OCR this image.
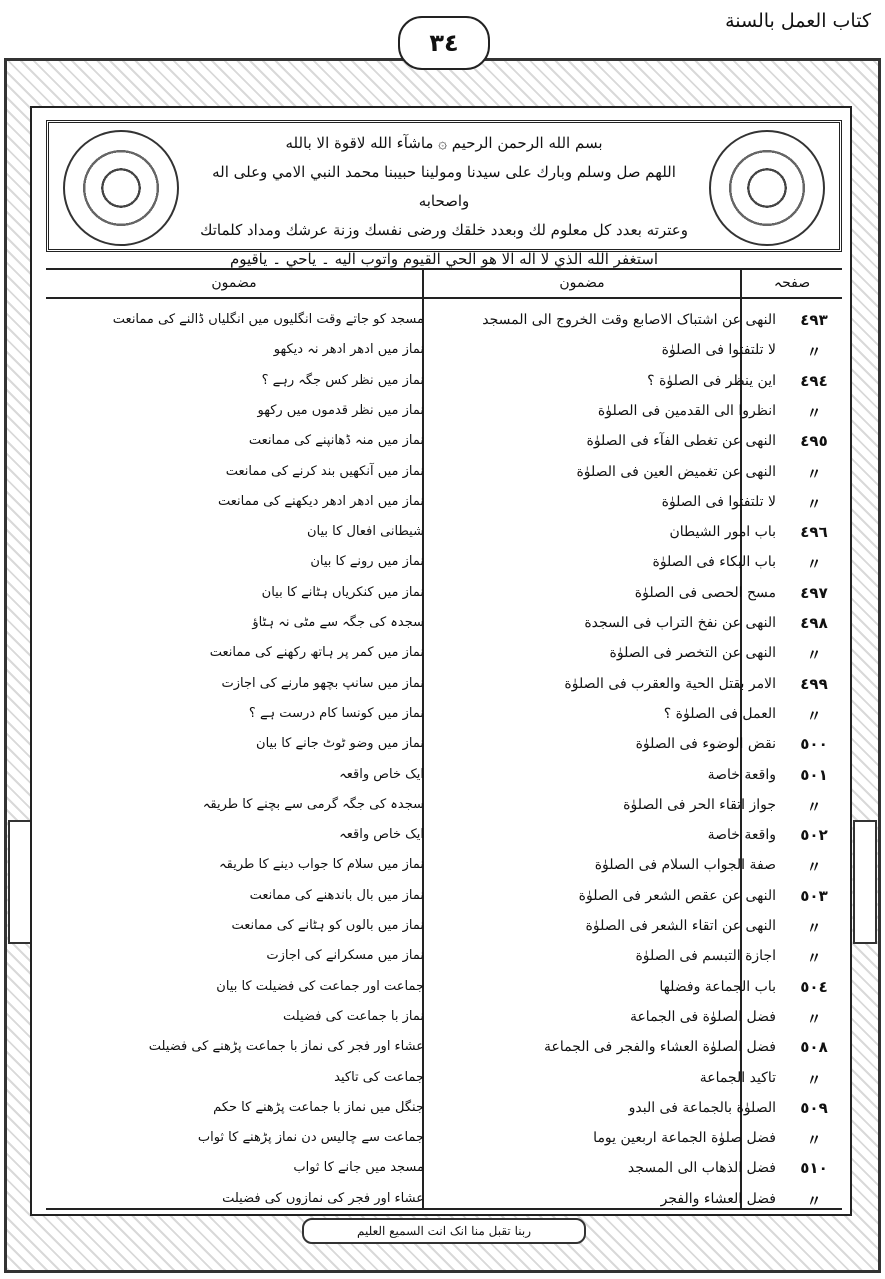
كتاب العمل بالسنة
٣٤
بسم الله الرحمن الرحيم ۞ ماشآء الله لاقوة الا بالله
اللهم صل وسلم وبارك على سيدنا ومولينا حبيبنا محمد النبي الامي وعلى اله واصحابه
وعترته بعدد كل معلوم لك وبعدد خلقك ورضى نفسك وزنة عرشك ومداد كلماتك
استغفر الله الذي لا اله الا هو الحي القيوم واتوب اليه ۔ ياحي ۔ ياقيوم
صفحہ
مضمون
مضمون
٤٩٣
النهی عن اشتباک الاصابع وقت الخروج الی المسجد
مسجد کو جاتے وقت انگلیوں میں انگلیاں ڈالنے کی ممانعت
〃
لا تلتفتوا فی الصلوٰة
نماز میں ادھر ادھر نہ دیکھو
٤٩٤
این ینظر فی الصلوٰة ؟
نماز میں نظر کس جگہ رہے ؟
〃
انظروا الی القدمین فی الصلوٰة
نماز میں نظر قدموں میں رکھو
٤٩٥
النهی عن تغطی الفآء فی الصلوٰة
نماز میں منہ ڈھانپنے کی ممانعت
〃
النهی عن تغمیض العین فی الصلوٰة
نماز میں آنکھیں بند کرنے کی ممانعت
〃
لا تلتفتوا فی الصلوٰة
نماز میں ادھر ادھر دیکھنے کی ممانعت
٤٩٦
باب امور الشیطان
شیطانی افعال کا بیان
〃
باب البکاء فی الصلوٰة
نماز میں رونے کا بیان
٤٩٧
مسح الحصی فی الصلوٰة
نماز میں کنکریاں ہٹانے کا بیان
٤٩٨
النهی عن نفخ التراب فی السجدة
سجدہ کی جگہ سے مٹی نہ ہٹاؤ
〃
النهی عن التخصر فی الصلوٰة
نماز میں کمر پر ہاتھ رکھنے کی ممانعت
٤٩٩
الامر بقتل الحیة والعقرب فی الصلوٰة
نماز میں سانپ بچھو مارنے کی اجازت
〃
العمل فی الصلوٰة ؟
نماز میں کونسا کام درست ہے ؟
٥٠٠
نقض الوضوء فی الصلوٰة
نماز میں وضو ٹوٹ جانے کا بیان
٥٠١
واقعة خاصة
ایک خاص واقعہ
〃
جواز اتقاء الحر فی الصلوٰة
سجدہ کی جگہ گرمی سے بچنے کا طریقہ
٥٠٢
واقعة خاصة
ایک خاص واقعہ
〃
صفة الجواب السلام فی الصلوٰة
نماز میں سلام کا جواب دینے کا طریقہ
٥٠٣
النهی عن عقص الشعر فی الصلوٰة
نماز میں بال باندھنے کی ممانعت
〃
النهی عن اتقاء الشعر فی الصلوٰة
نماز میں بالوں کو ہٹانے کی ممانعت
〃
اجازة التبسم فی الصلوٰة
نماز میں مسکرانے کی اجازت
٥٠٤
باب الجماعة وفضلها
جماعت اور جماعت کی فضیلت کا بیان
〃
فضل الصلوٰة فی الجماعة
نماز با جماعت کی فضیلت
٥٠٨
فضل الصلوٰة العشاء والفجر فی الجماعة
عشاء اور فجر کی نماز با جماعت پڑھنے کی فضیلت
〃
تاکید الجماعة
جماعت کی تاکید
٥٠٩
الصلوٰة بالجماعة فی البدو
جنگل میں نماز با جماعت پڑھنے کا حکم
〃
فضل صلوٰة الجماعة اربعین یوما
جماعت سے چالیس دن نماز پڑھنے کا ثواب
٥١٠
فضل الذهاب الی المسجد
مسجد میں جانے کا ثواب
〃
فضل العشاء والفجر
عشاء اور فجر کی نمازوں کی فضیلت
ربنا تقبل منا انک انت السمیع العلیم
